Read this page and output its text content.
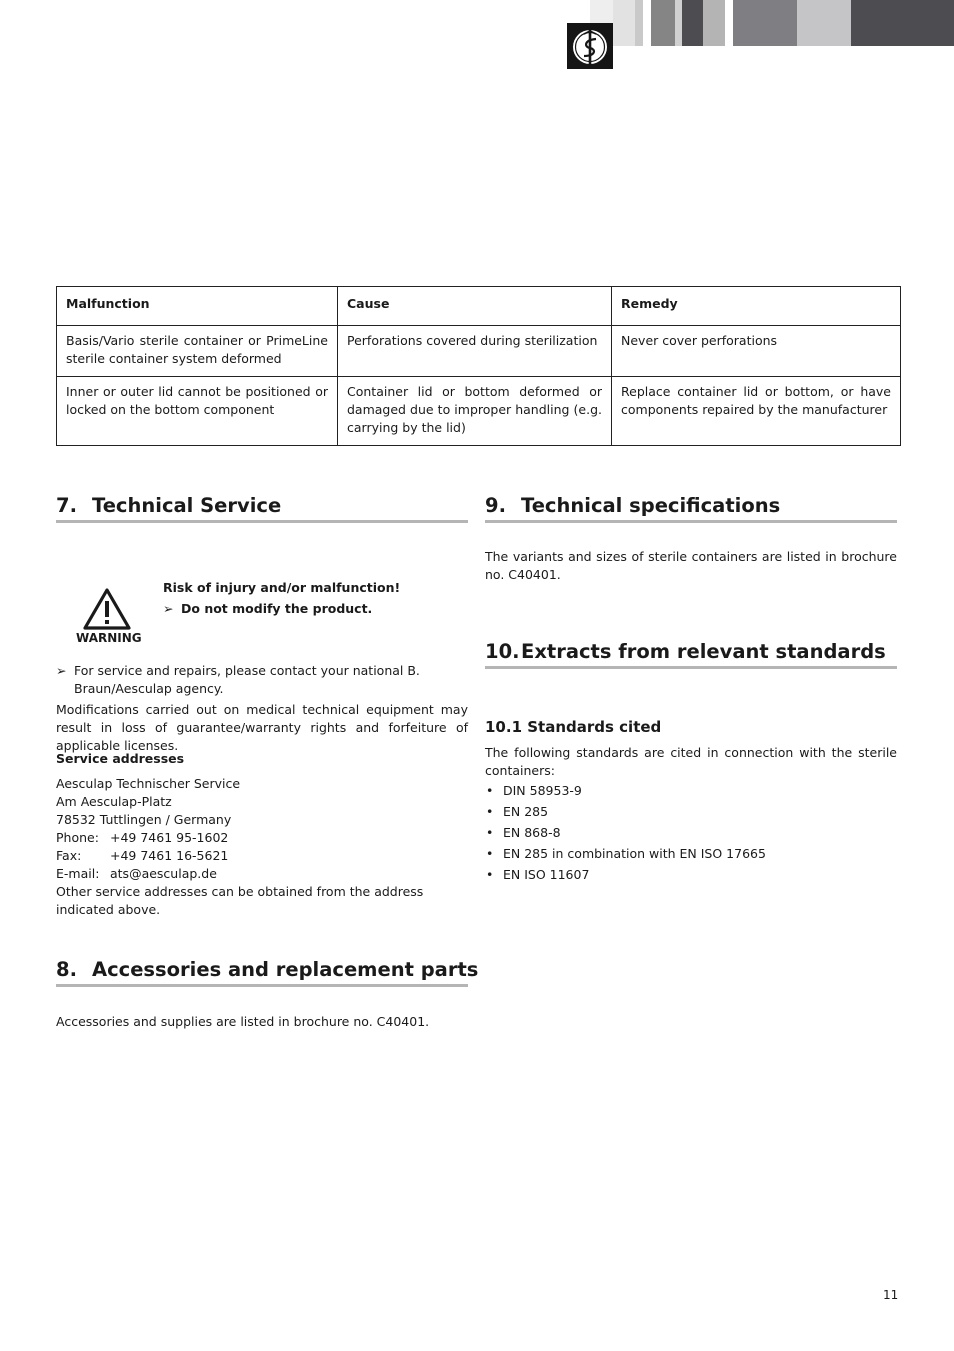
Malfunction	Cause	Remedy
Basis/Vario sterile container or PrimeLine sterile container system deformed	Perforations covered during sterilization	Never cover perforations
Inner or outer lid cannot be positioned or locked on the bottom component	Container lid or bottom deformed or damaged due to improper handling (e.g. carrying by the lid)	Replace container lid or bottom, or have components repaired by the manufacturer
7. Technical Service
WARNING
Risk of injury and/or malfunction!
➢ Do not modify the product.
➢ For service and repairs, please contact your national B. Braun/Aesculap agency.
Modifications carried out on medical technical equipment may result in loss of guarantee/warranty rights and forfeiture of applicable licenses.
Service addresses
Aesculap Technischer Service
Am Aesculap-Platz
78532 Tuttlingen / Germany
Phone: +49 7461 95-1602
Fax: +49 7461 16-5621
E-mail: ats@aesculap.de
Other service addresses can be obtained from the address indicated above.
8. Accessories and replacement parts
Accessories and supplies are listed in brochure no. C40401.
9. Technical specifications
The variants and sizes of sterile containers are listed in brochure no. C40401.
10.Extracts from relevant standards
10.1 Standards cited
The following standards are cited in connection with the sterile containers:
• DIN 58953-9
• EN 285
• EN 868-8
• EN 285 in combination with EN ISO 17665
• EN ISO 11607
11
